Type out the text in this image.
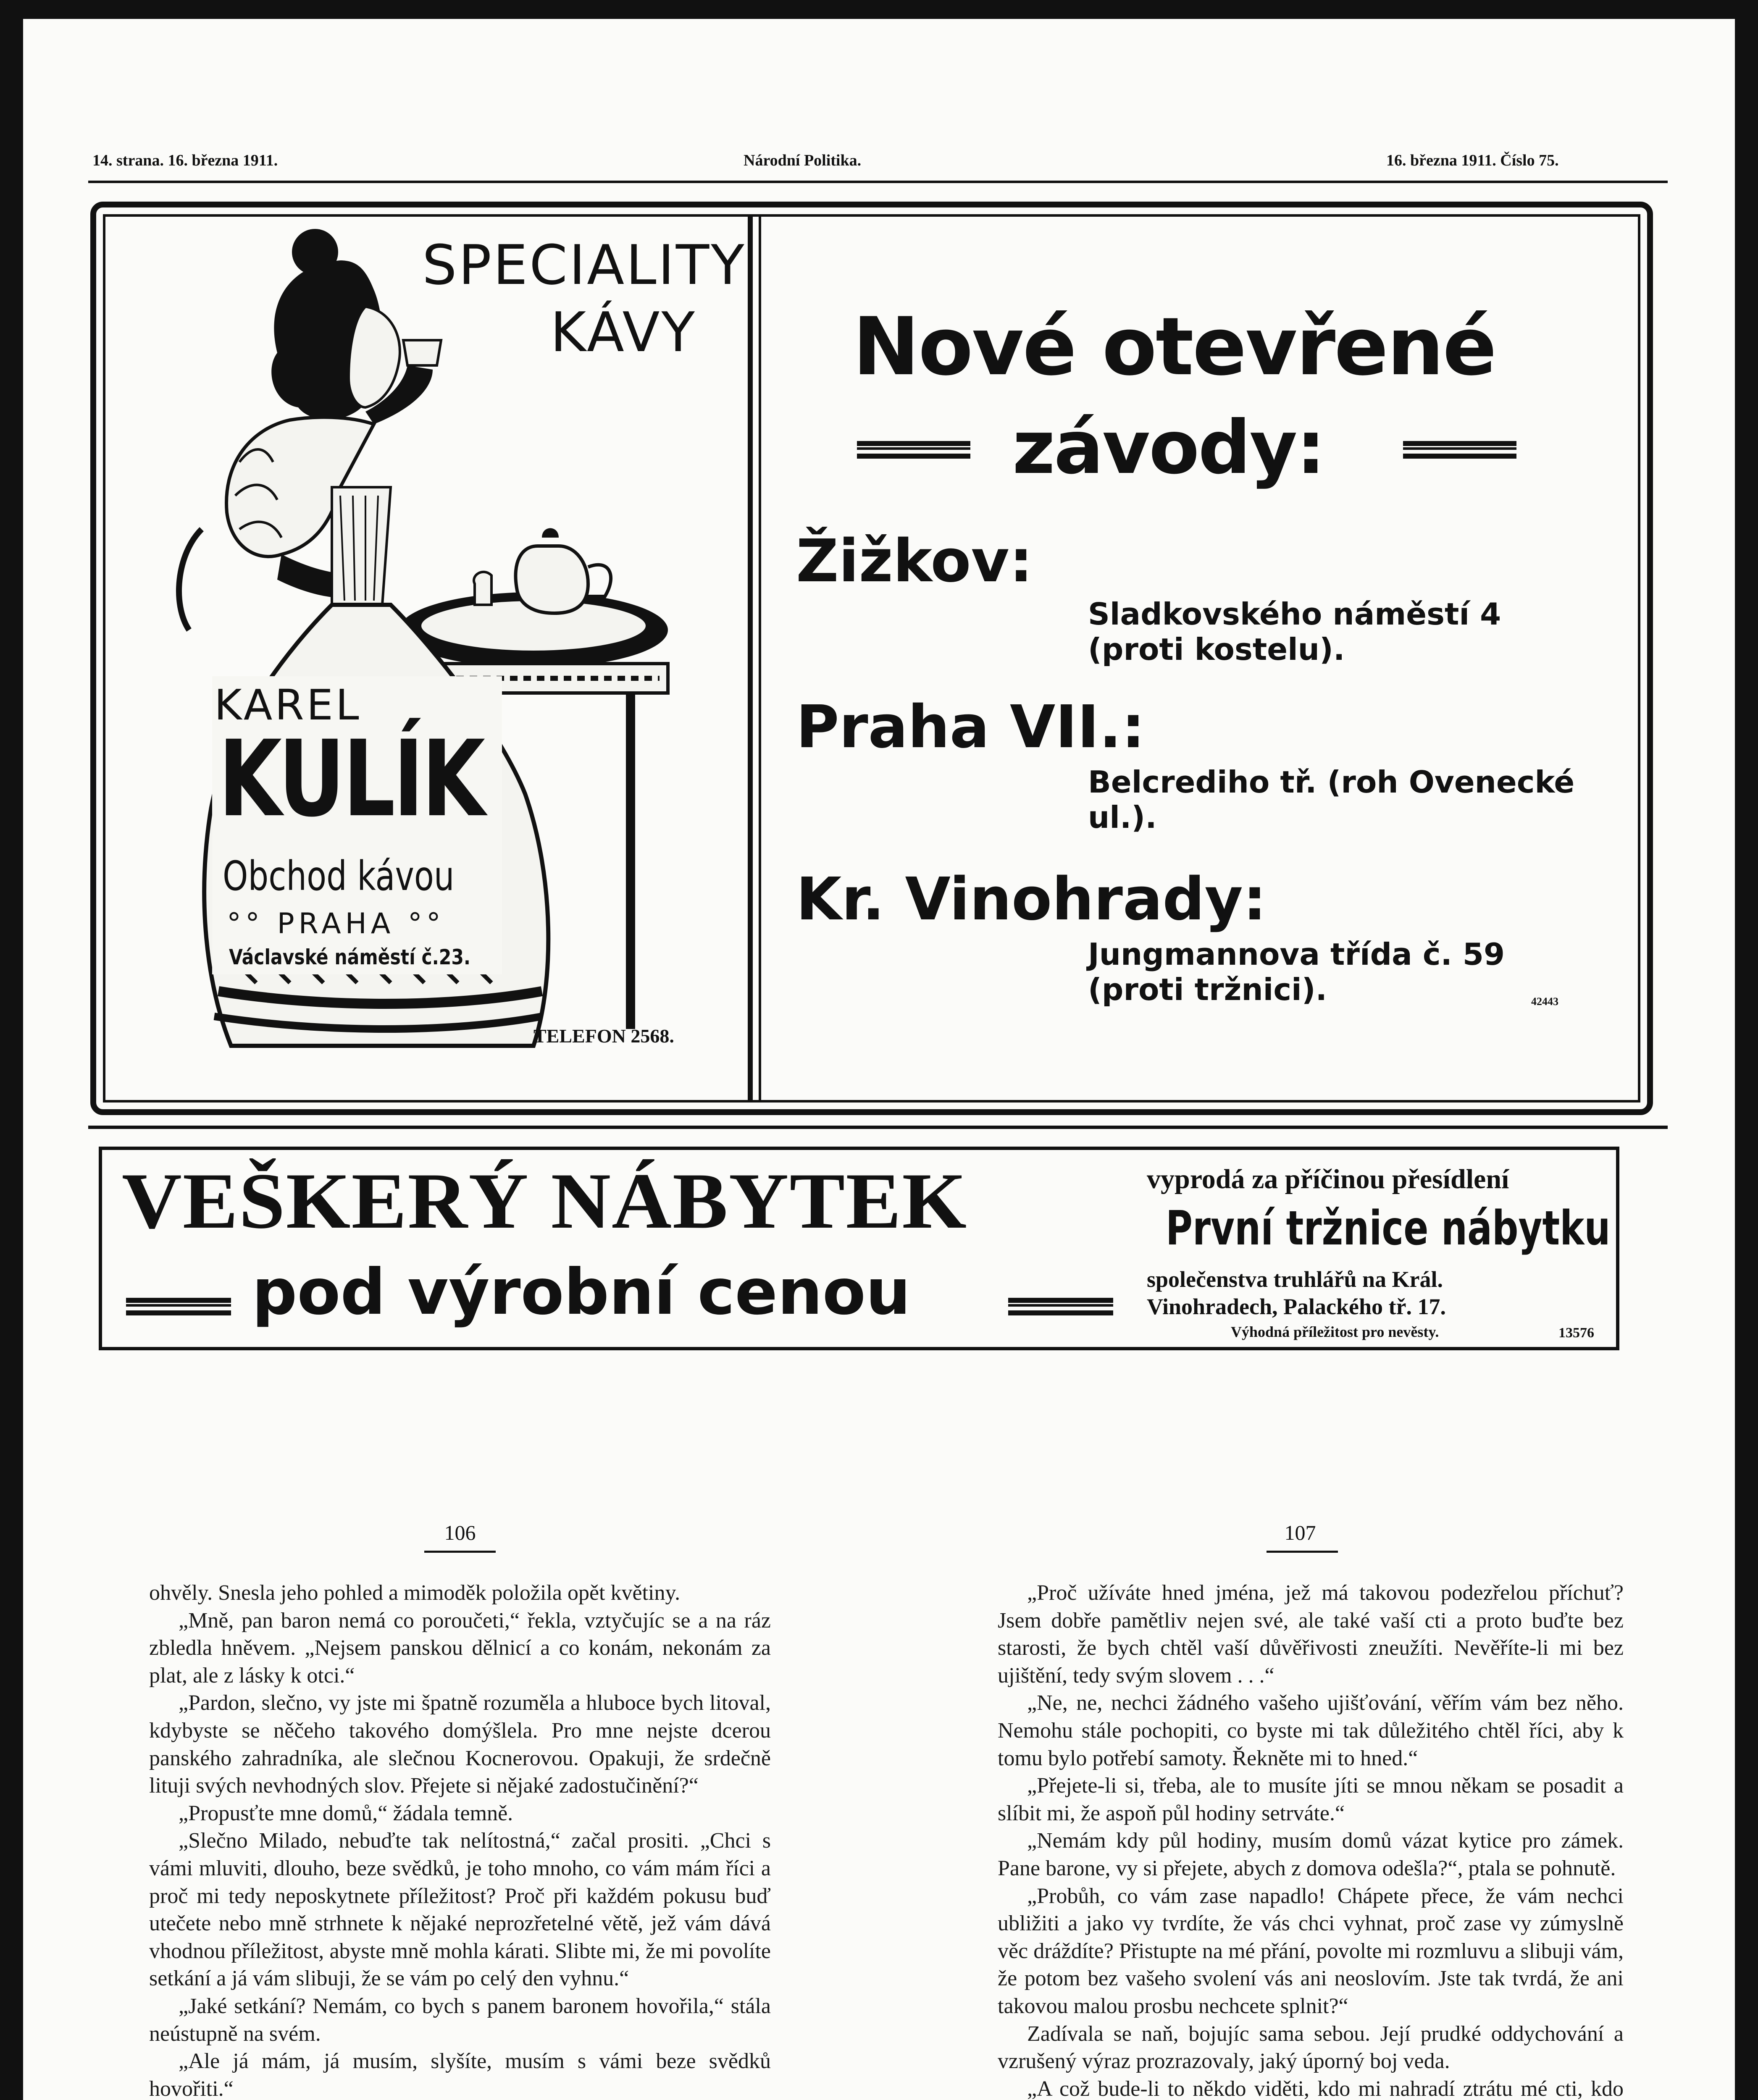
14. strana. 16. března 1911.	Národní Politika.	16. března 1911. Číslo 75.
SPECIALITY
KÁVY
KAREL
KULÍK
Obchod kávou
°° PRAHA °°
Václavské náměstí č.23.
TELEFON 2568.
Nové otevřené
závody:
Žižkov:
Sladkovského náměstí 4 (proti kostelu).
Praha VII.:
Belcrediho tř. (roh Ovenecké ul.).
Kr. Vinohrady:
Jungmannova třída č. 59 (proti tržnici).	42443
VEŠKERÝ NÁBYTEK
pod výrobní cenou
vyprodá za příčinou přesídlení
První tržnice nábytku
společenstva truhlářů na Král.
Vinohradech, Palackého tř. 17.
Výhodná příležitost pro nevěsty.	13576
106	107

ohvěly. Snesla jeho pohled a mimoděk položila opět květiny.

„Mně, pan baron nemá co poroučeti,“ řekla, vztyčujíc se a na ráz zbledla hněvem. „Nejsem panskou dělnicí a co konám, nekonám za plat, ale z lásky k otci.“

„Pardon, slečno, vy jste mi špatně rozuměla a hluboce bych litoval, kdybyste se něčeho takového domýšlela. Pro mne nejste dcerou panského zahradníka, ale slečnou Kocnerovou. Opakuji, že srdečně lituji svých nevhodných slov. Přejete si nějaké zadostučinění?“

„Propusťte mne domů,“ žádala temně.

„Slečno Milado, nebuďte tak nelítostná,“ začal prositi. „Chci s vámi mluviti, dlouho, beze svědků, je toho mnoho, co vám mám říci a proč mi tedy neposkytnete příležitost? Proč při každém pokusu buď utečete nebo mně strhnete k nějaké neprozřetelné větě, jež vám dává vhodnou příležitost, abyste mně mohla kárati. Slibte mi, že mi povolíte setkání a já vám slibuji, že se vám po celý den vyhnu.“

„Jaké setkání? Nemám, co bych s panem baronem hovořila,“ stála neústupně na svém.

„Ale já mám, já musím, slyšíte, musím s vámi beze svědků hovořiti.“

„Proč užíváte hned jména, jež má takovou podezřelou příchuť? Jsem dobře pamětliv nejen své, ale také vaší cti a proto buďte bez starosti, že bych chtěl vaší důvěřivosti zneužíti. Nevěříte-li mi bez ujištění, tedy svým slovem . . .“

„Ne, ne, nechci žádného vašeho ujišťování, věřím vám bez něho. Nemohu stále pochopiti, co byste mi tak důležitého chtěl říci, aby k tomu bylo potřebí samoty. Řekněte mi to hned.“

„Přejete-li si, třeba, ale to musíte jíti se mnou někam se posadit a slíbit mi, že aspoň půl hodiny setrváte.“

„Nemám kdy půl hodiny, musím domů vázat kytice pro zámek. Pane barone, vy si přejete, abych z domova odešla?“, ptala se pohnutě.

„Probůh, co vám zase napadlo! Chápete přece, že vám nechci ubližiti a jako vy tvrdíte, že vás chci vyhnat, proč zase vy zúmyslně věc dráždíte? Přistupte na mé přání, povolte mi rozmluvu a slibuji vám, že potom bez vašeho svolení vás ani neoslovím. Jste tak tvrdá, že ani takovou malou prosbu nechcete splnit?“

Zadívala se naň, bojujíc sama sebou. Její prudké oddychování a vzrušený výraz prozrazovaly, jaký úporný boj veda.

„A což bude-li to někdo viděti, kdo mi nahradí ztrátu mé cti, kdo
